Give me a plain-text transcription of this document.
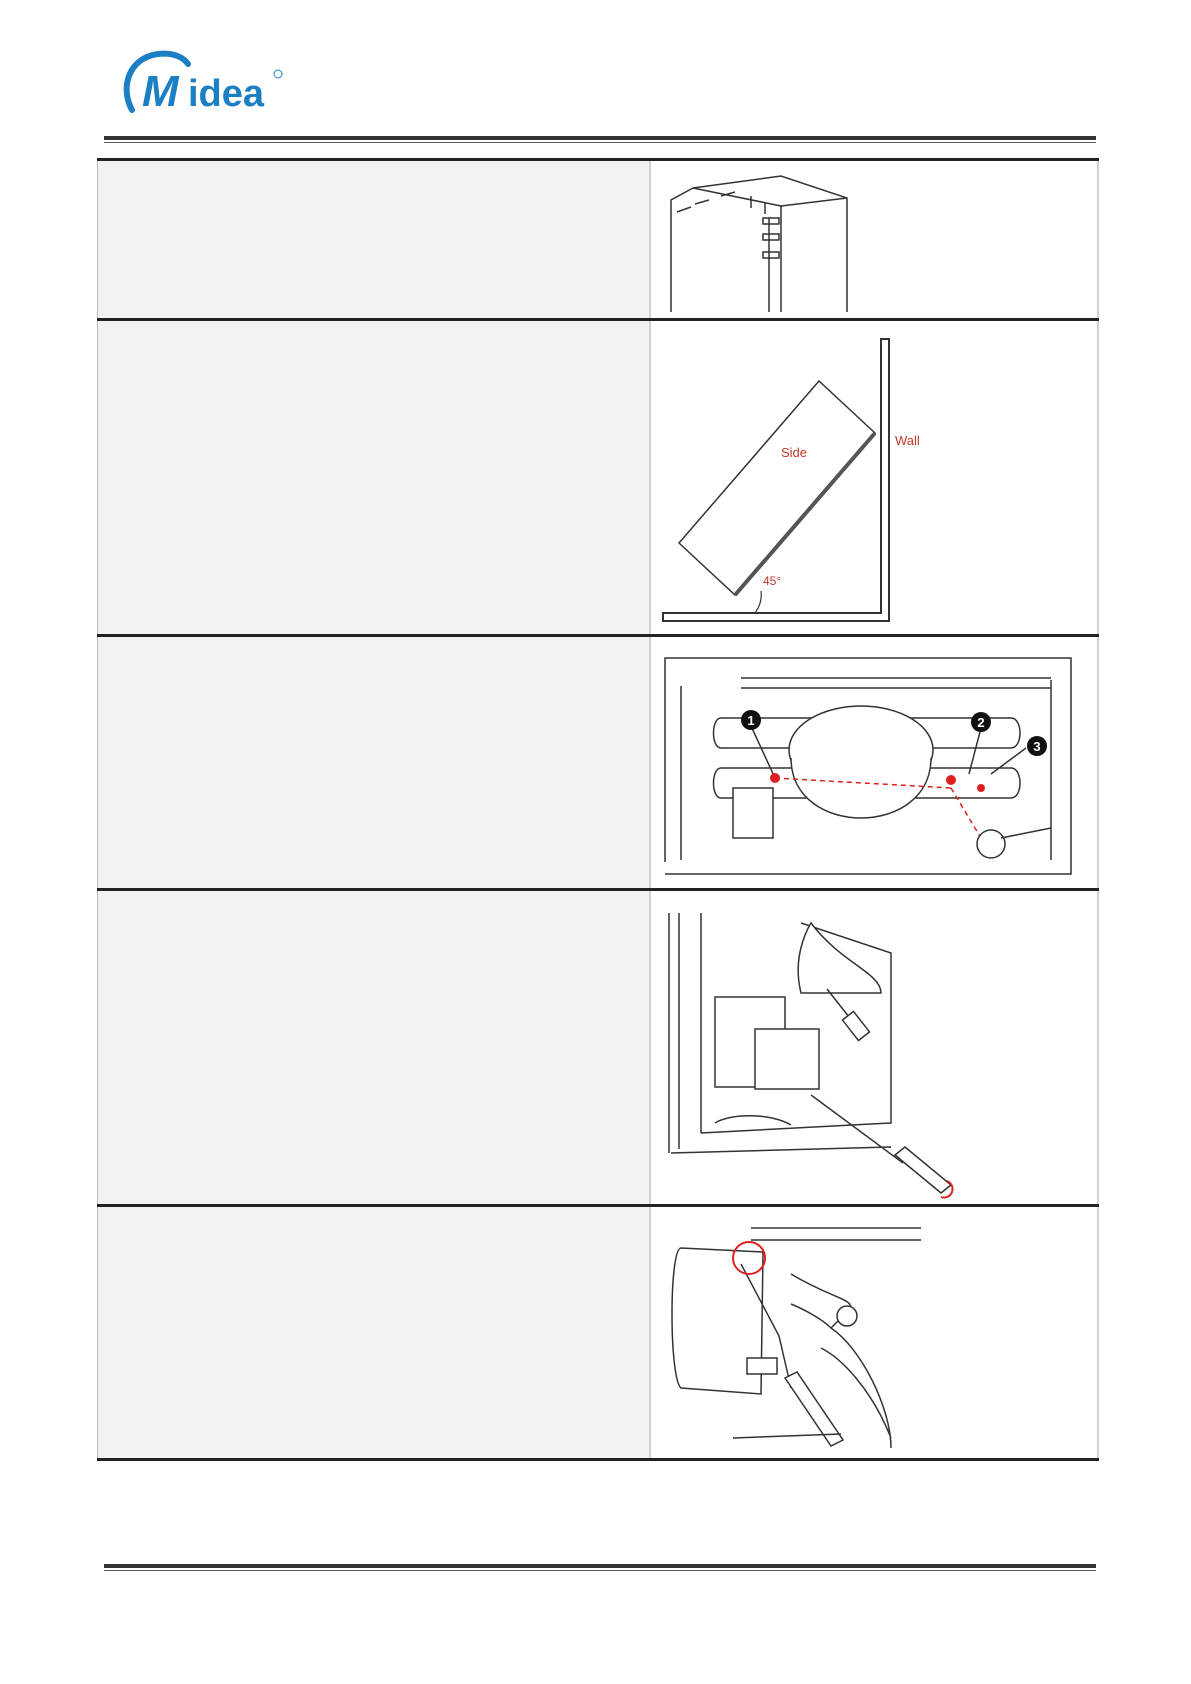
M idea

Side
Wall
45°

1 2
3
